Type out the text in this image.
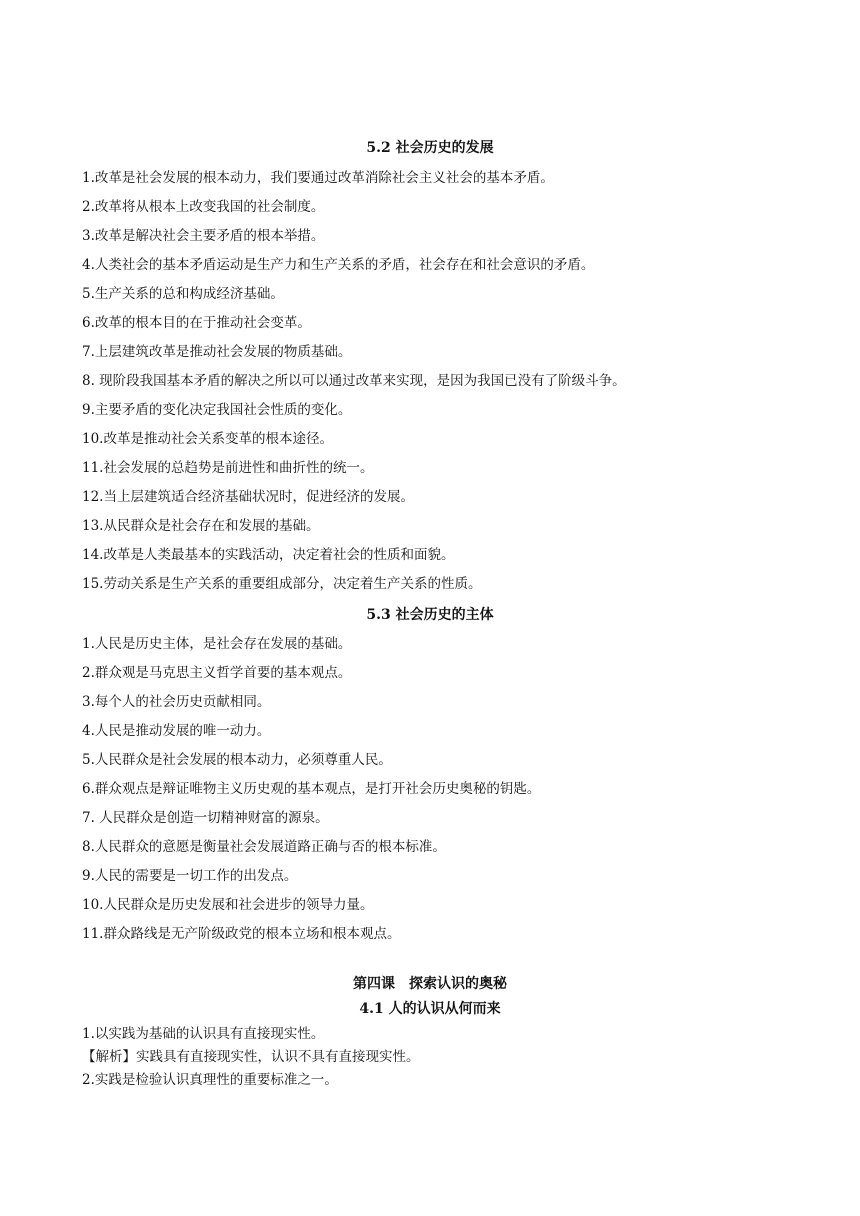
5.2 社会历史的发展
1.改革是社会发展的根本动力，我们要通过改革消除社会主义社会的基本矛盾。
2.改革将从根本上改变我国的社会制度。
3.改革是解决社会主要矛盾的根本举措。
4.人类社会的基本矛盾运动是生产力和生产关系的矛盾，社会存在和社会意识的矛盾。
5.生产关系的总和构成经济基础。
6.改革的根本目的在于推动社会变革。
7.上层建筑改革是推动社会发展的物质基础。
8. 现阶段我国基本矛盾的解决之所以可以通过改革来实现，是因为我国已没有了阶级斗争。
9.主要矛盾的变化决定我国社会性质的变化。
10.改革是推动社会关系变革的根本途径。
11.社会发展的总趋势是前进性和曲折性的统一。
12.当上层建筑适合经济基础状况时，促进经济的发展。
13.从民群众是社会存在和发展的基础。
14.改革是人类最基本的实践活动，决定着社会的性质和面貌。
15.劳动关系是生产关系的重要组成部分，决定着生产关系的性质。
5.3 社会历史的主体
1.人民是历史主体，是社会存在发展的基础。
2.群众观是马克思主义哲学首要的基本观点。
3.每个人的社会历史贡献相同。
4.人民是推动发展的唯一动力。
5.人民群众是社会发展的根本动力，必须尊重人民。
6.群众观点是辩证唯物主义历史观的基本观点，是打开社会历史奥秘的钥匙。
7. 人民群众是创造一切精神财富的源泉。
8.人民群众的意愿是衡量社会发展道路正确与否的根本标准。
9.人民的需要是一切工作的出发点。
10.人民群众是历史发展和社会进步的领导力量。
11.群众路线是无产阶级政党的根本立场和根本观点。
第四课　探索认识的奥秘
4.1 人的认识从何而来
1.以实践为基础的认识具有直接现实性。
【解析】实践具有直接现实性，认识不具有直接现实性。
2.实践是检验认识真理性的重要标准之一。
